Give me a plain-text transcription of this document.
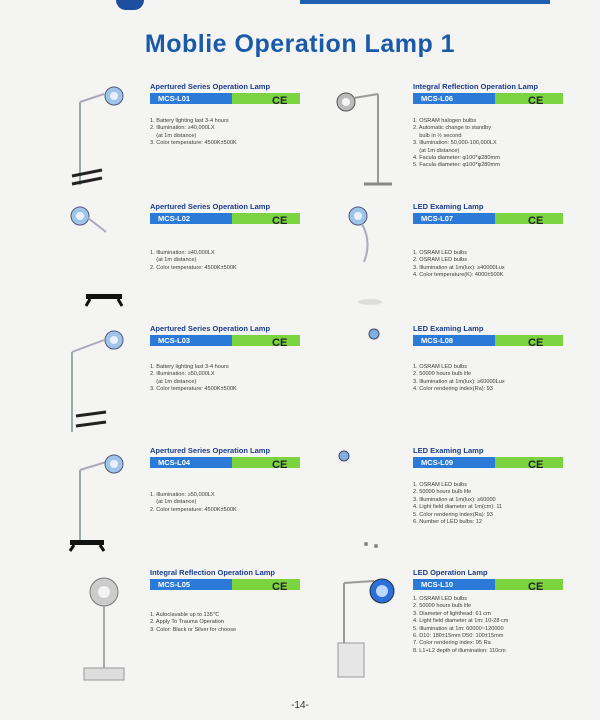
Moblie Operation Lamp 1
Apertured Series Operation Lamp
MCS-L01	CE
1. Battery lighting last 3-4 hours
2. Illumination: ≥40,000LX
(at 1m distance)
3. Color temperature: 4500K±500K
Integral Reflection Operation Lamp
MCS-L06	CE
1. OSRAM halogen bulbs
2. Automatic change to standby
bulb in ½ second
3. Illumination: 50,000-100,000LX
(at 1m distance)
4. Facula diameter: φ100*φ280mm
5. Facula diameter: φ100*φ280mm
Apertured Series Operation Lamp
MCS-L02	CE
1. Illumination: ≥40,000LX
(at 1m distance)
2. Color temperature: 4500K±500K
LED Examing Lamp
MCS-L07	CE
1. OSRAM LED bulbs
2. OSRAM LED bulbs
3. Illumination at 1m(lux): ≥40000Lux
4. Color temperature(K): 4000±500K
Apertured Series Operation Lamp
MCS-L03	CE
1. Battery lighting last 3-4 hours
2. Illumination: ≥50,000LX
(at 1m distance)
3. Color temperature: 4500K±500K
LED Examing Lamp
MCS-L08	CE
1. OSRAM LED bulbs
2. 50000 hours bulb life
3. Illumination at 1m(lux): ≥60000Lux
4. Color rendering index(Ra): 93
Apertured Series Operation Lamp
MCS-L04	CE
1. Illumination: ≥50,000LX
(at 1m distance)
2. Color temperature: 4500K±500K
LED Examing Lamp
MCS-L09	CE
1. OSRAM LED bulbs
2. 50000 hours bulb life
3. Illumination at 1m(lux): ≥60000
4. Light field diameter at 1m(cm): 11
5. Color rendering index(Ra): 93
6. Number of LED bulbs: 12
Integral Reflection Operation Lamp
MCS-L05	CE
1. Autoclavable up to 135℃
2. Apply To Trauma Operation
3. Color: Black or Silver for choose
LED Operation Lamp
MCS-L10	CE
1. OSRAM LED bulbs
2. 50000 hours bulb life
3. Diameter of lighthead: 61 cm
4. Light field diameter at 1m: 10-28 cm
5. Illumination at 1m: 60000~120000
6. D10: 180±15mm D50: 100±15mm
7. Color rendering index: 95 Ra
8. L1+L2 depth of illumination: 110cm
-14-
